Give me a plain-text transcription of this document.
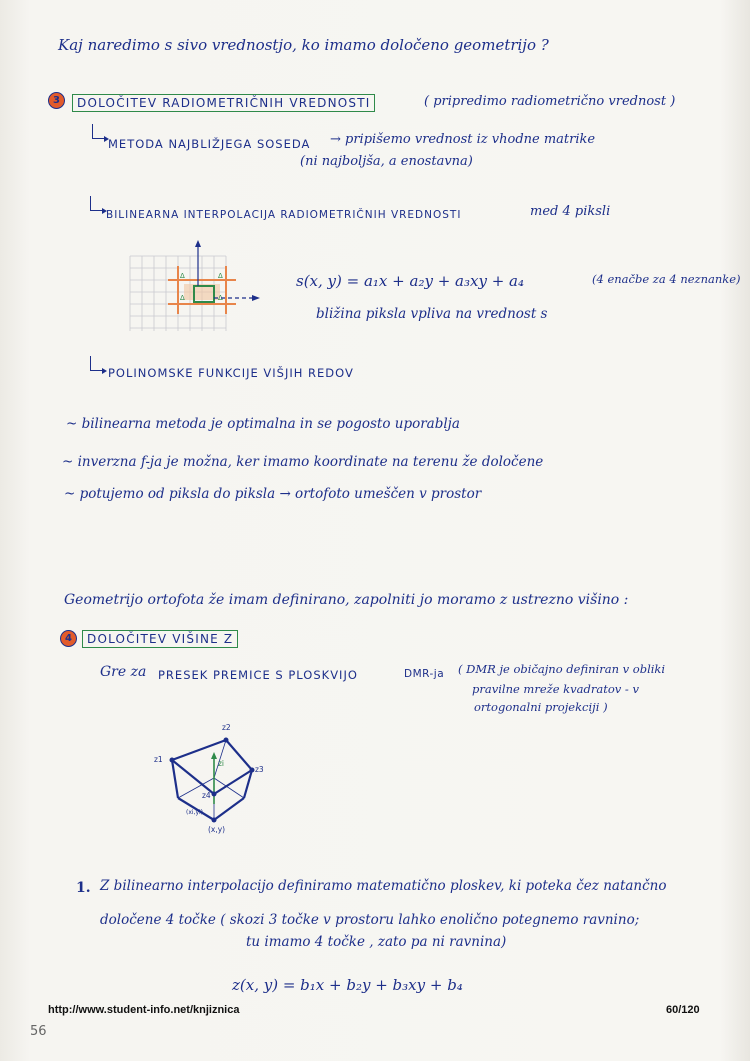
Kaj naredimo s sivo vrednostjo, ko imamo določeno geometrijo ?
3	DOLOČITEV RADIOMETRIČNIH VREDNOSTI	( pripredimo radiometrično vrednost )
METODA NAJBLIŽJEGA SOSEDA → pripišemo vrednost iz vhodne matrike
(ni najboljša, a enostavna)
BILINEARNA INTERPOLACIJA RADIOMETRIČNIH VREDNOSTI	med 4 piksli
Δ	Δ
Δ	Δ
s(x, y) = a₁x + a₂y + a₃xy + a₄	(4 enačbe za 4 neznanke)
bližina piksla vpliva na vrednost s
POLINOMSKE FUNKCIJE VIŠJIH REDOV
~ bilinearna metoda je optimalna in se pogosto uporablja
~ inverzna f-ja je možna, ker imamo koordinate na terenu že določene
~ potujemo od piksla do piksla → ortofoto umeščen v prostor
Geometrijo ortofota že imam definirano, zapolniti jo moramo z ustrezno višino :
4	DOLOČITEV VIŠINE Z
Gre za PRESEK PREMICE S PLOSKVIJO	DMR-ja ( DMR je običajno definiran v obliki
pravilne mreže kvadratov - v
ortogonalni projekciji )
z1
z2
z3
z4
zi
(xi,yi)
(x,y)
1. Z bilinearno interpolacijo definiramo matematično ploskev, ki poteka čez natančno
določene 4 točke ( skozi 3 točke v prostoru lahko enolično potegnemo ravnino;
tu imamo 4 točke , zato pa ni ravnina)
z(x, y) = b₁x + b₂y + b₃xy + b₄
http://www.student-info.net/knjiznica	60/120
56
